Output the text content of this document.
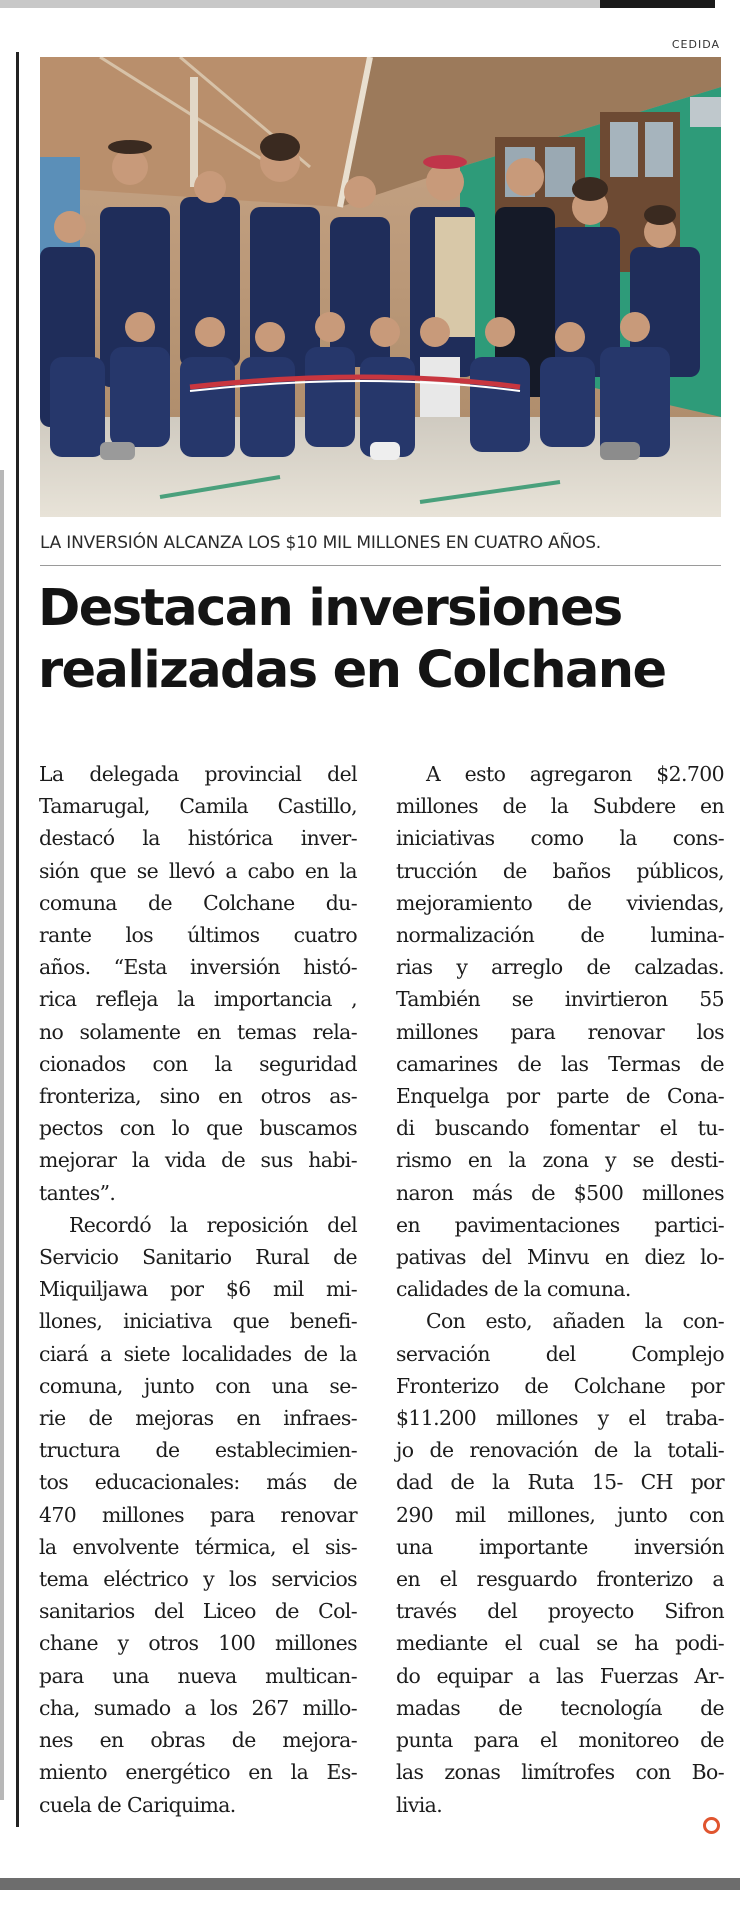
CEDIDA
LA INVERSIÓN ALCANZA LOS $10 MIL MILLONES EN CUATRO AÑOS.
Destacan inversiones
realizadas en Colchane
La delegada provincial del
Tamarugal, Camila Castillo,
destacó la histórica inver-
sión que se llevó a cabo en la
comuna de Colchane du-
rante los últimos cuatro
años. “Esta inversión histó-
rica refleja la importancia ,
no solamente en temas rela-
cionados con la seguridad
fronteriza, sino en otros as-
pectos con lo que buscamos
mejorar la vida de sus habi-
tantes”.
Recordó la reposición del
Servicio Sanitario Rural de
Miquiljawa por $6 mil mi-
llones, iniciativa que benefi-
ciará a siete localidades de la
comuna, junto con una se-
rie de mejoras en infraes-
tructura de establecimien-
tos educacionales: más de
470 millones para renovar
la envolvente térmica, el sis-
tema eléctrico y los servicios
sanitarios del Liceo de Col-
chane y otros 100 millones
para una nueva multican-
cha, sumado a los 267 millo-
nes en obras de mejora-
miento energético en la Es-
cuela de Cariquima.
A esto agregaron $2.700
millones de la Subdere en
iniciativas como la cons-
trucción de baños públicos,
mejoramiento de viviendas,
normalización de lumina-
rias y arreglo de calzadas.
También se invirtieron 55
millones para renovar los
camarines de las Termas de
Enquelga por parte de Cona-
di buscando fomentar el tu-
rismo en la zona y se desti-
naron más de $500 millones
en pavimentaciones partici-
pativas del Minvu en diez lo-
calidades de la comuna.
Con esto, añaden la con-
servación del Complejo
Fronterizo de Colchane por
$11.200 millones y el traba-
jo de renovación de la totali-
dad de la Ruta 15- CH por
290 mil millones, junto con
una importante inversión
en el resguardo fronterizo a
través del proyecto Sifron
mediante el cual se ha podi-
do equipar a las Fuerzas Ar-
madas de tecnología de
punta para el monitoreo de
las zonas limítrofes con Bo-
livia.
